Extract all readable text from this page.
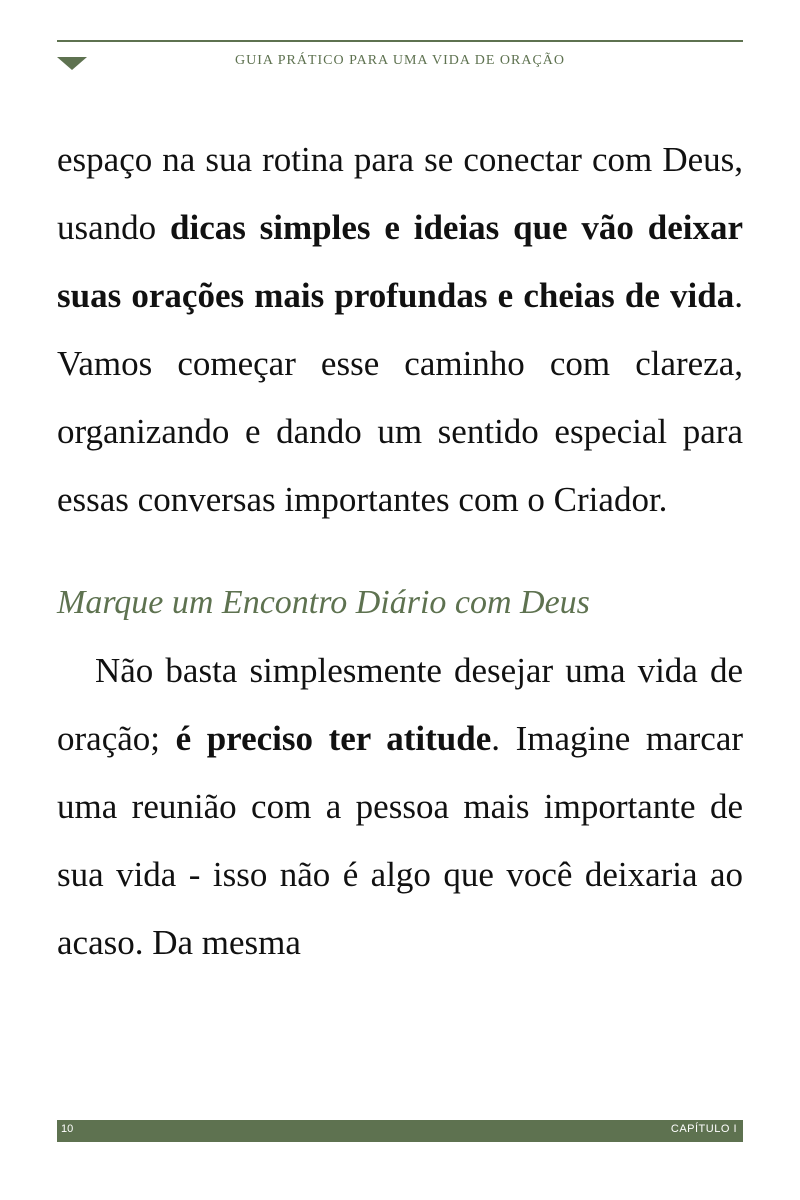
GUIA PRÁTICO PARA UMA VIDA DE ORAÇÃO

espaço na sua rotina para se conectar com Deus, usando dicas simples e ideias que vão deixar suas orações mais profundas e cheias de vida. Vamos começar esse caminho com clareza, organizando e dando um sentido especial para essas conversas importantes com o Criador.

Marque um Encontro Diário com Deus

Não basta simplesmente desejar uma vida de oração; é preciso ter atitude. Imagine marcar uma reunião com a pessoa mais importante de sua vida - isso não é algo que você deixaria ao acaso. Da mesma

10	CAPÍTULO I
